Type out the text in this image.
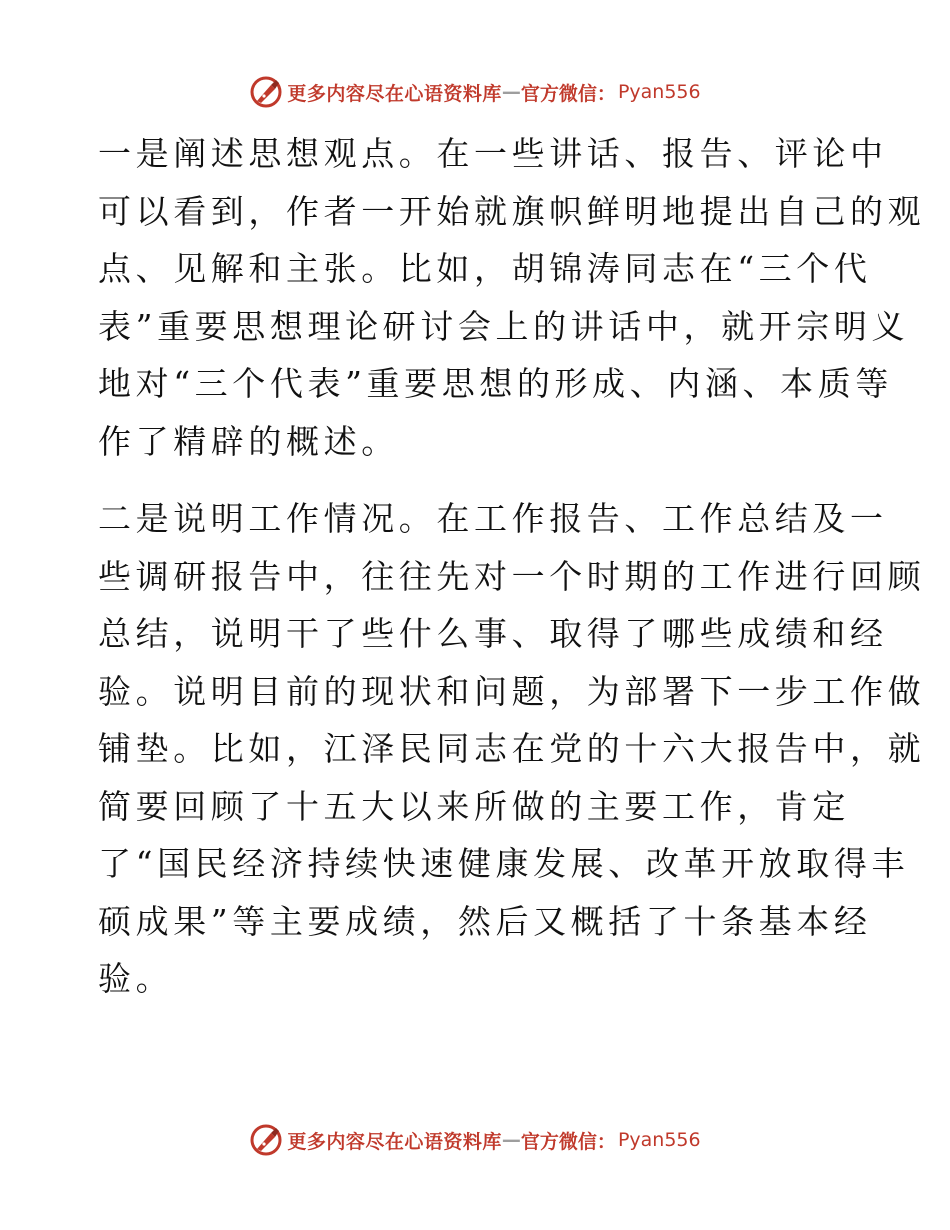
更多内容尽在心语资料库 — 官方微信： Pyan556

一是阐述思想观点。在一些讲话、报告、评论中
可以看到，作者一开始就旗帜鲜明地提出自己的观
点、见解和主张。比如，胡锦涛同志在“三个代
表”重要思想理论研讨会上的讲话中，就开宗明义
地对“三个代表”重要思想的形成、内涵、本质等
作了精辟的概述。

二是说明工作情况。在工作报告、工作总结及一
些调研报告中，往往先对一个时期的工作进行回顾
总结，说明干了些什么事、取得了哪些成绩和经
验。说明目前的现状和问题，为部署下一步工作做
铺垫。比如，江泽民同志在党的十六大报告中，就
简要回顾了十五大以来所做的主要工作，肯定
了“国民经济持续快速健康发展、改革开放取得丰
硕成果”等主要成绩，然后又概括了十条基本经
验。

更多内容尽在心语资料库 — 官方微信： Pyan556
